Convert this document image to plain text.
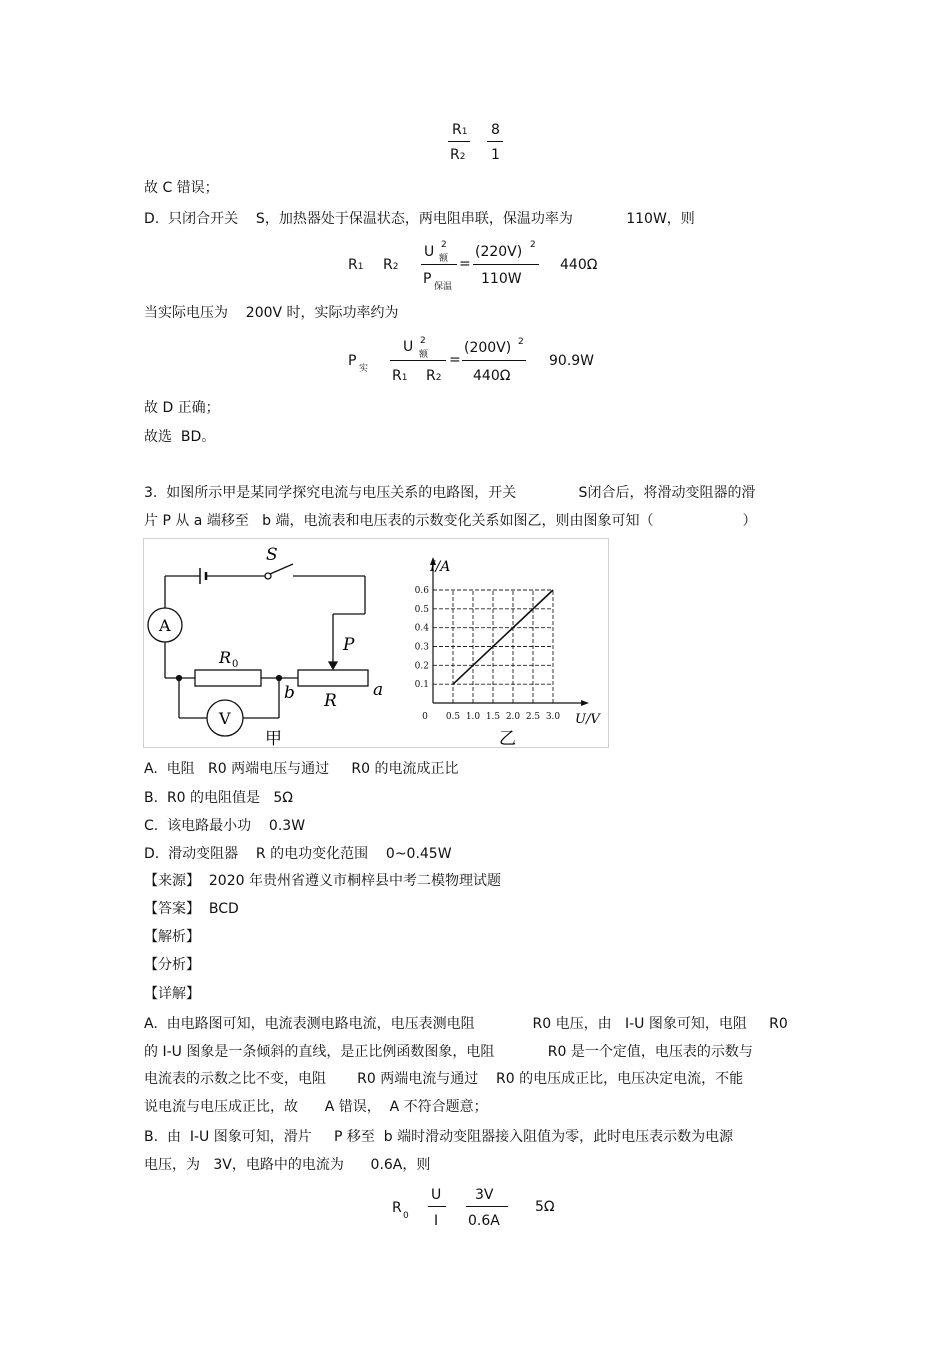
R1
R2
8
1
故 C 错误；
D.  只闭合开关    S，加热器处于保温状态，两电阻串联，保温功率为            110W，则
R1 R2
U 2
额
P 保温
=
(220V) 2
110W
440Ω
当实际电压为    200V 时，实际功率约为
P 实
U 2
额
R1 R2
=
(200V) 2
440Ω
90.9W
故 D 正确；
故选  BD。
3.  如图所示甲是某同学探究电流与电压关系的电路图，开关              S闭合后，将滑动变阻器的滑
片 P 从 a 端移至   b 端，电流表和电压表的示数变化关系如图乙，则由图象可知（                    ）
S
A
R 0
P
b R
a
V
甲
0 0.5 1.0 1.5 2.0 2.5 3.0
0.1
0.2
0.3
0.4
0.5
0.6
I/A
U/V
乙
A.  电阻   R0 两端电压与通过     R0 的电流成正比
B.  R0 的电阻值是   5Ω
C.  该电路最小功    0.3W
D.  滑动变阻器    R 的电功变化范围    0~0.45W
【来源】  2020 年贵州省遵义市桐梓县中考二模物理试题
【答案】  BCD
【解析】
【分析】
【详解】
A.  由电路图可知，电流表测电路电流，电压表测电阻             R0 电压，由   I-U 图象可知，电阻     R0
的 I-U 图象是一条倾斜的直线，是正比例函数图象，电阻            R0 是一个定值，电压表的示数与
电流表的示数之比不变，电阻       R0 两端电流与通过    R0 的电压成正比，电压决定电流，不能
说电流与电压成正比，故      A 错误，  A 不符合题意；
B.  由  I-U 图象可知，滑片     P 移至  b 端时滑动变阻器接入阻值为零，此时电压表示数为电源
电压，为   3V，电路中的电流为      0.6A，则
R 0
U
I
3V
0.6A
5Ω
